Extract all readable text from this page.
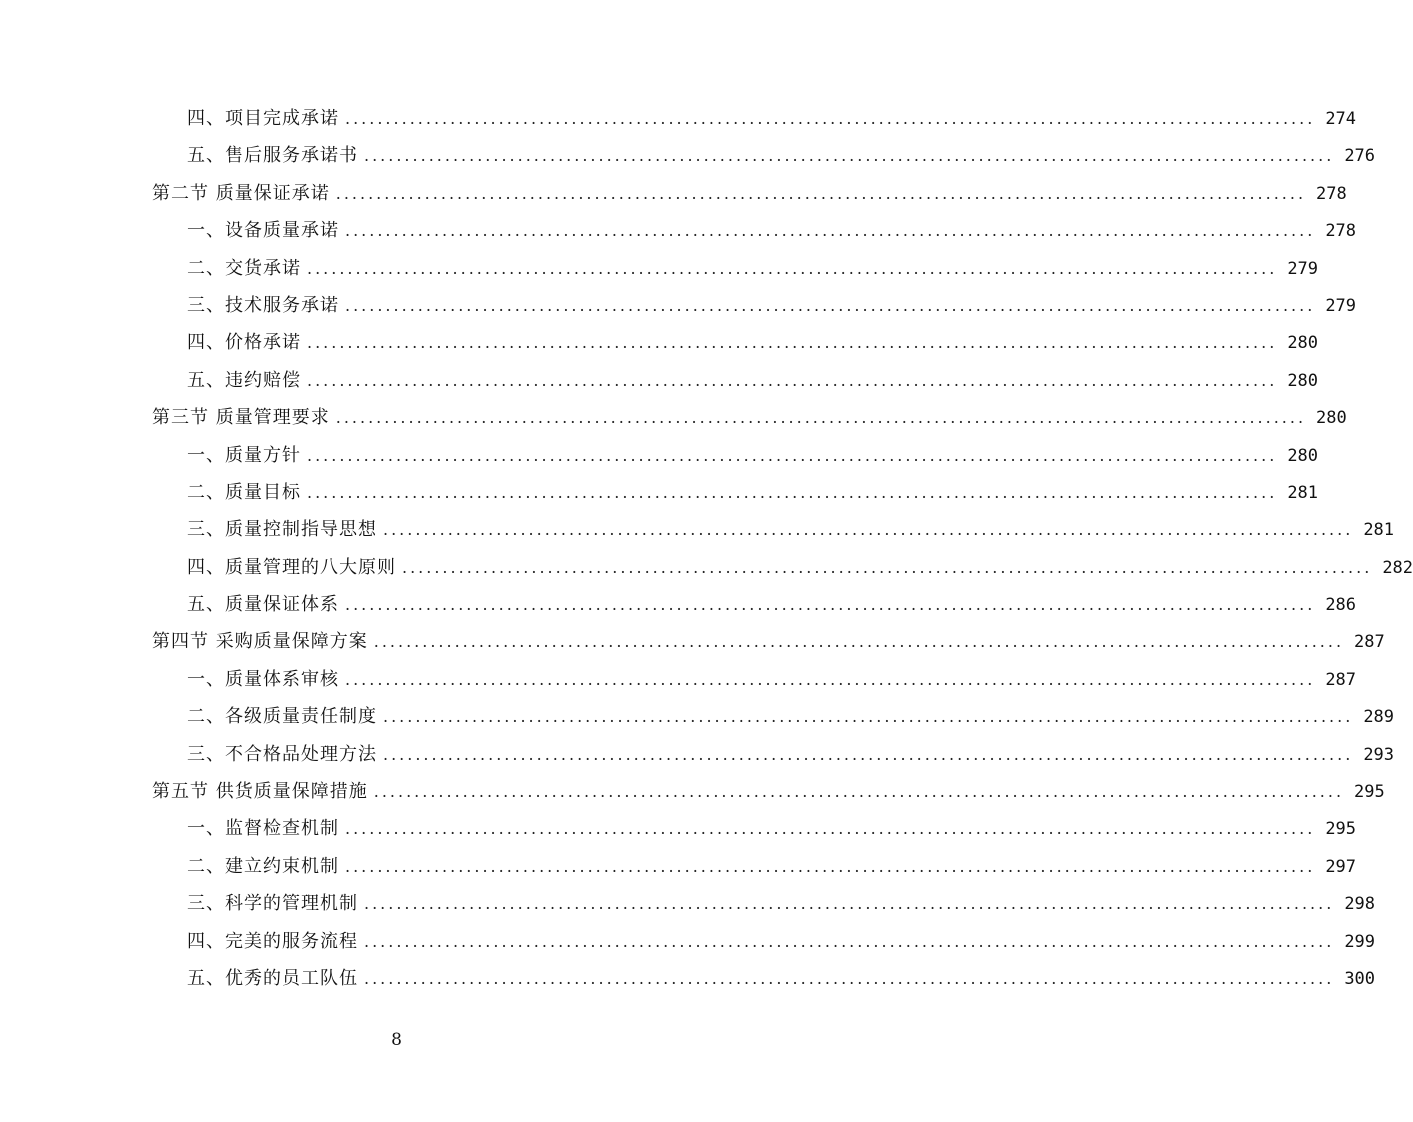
四、项目完成承诺 ........................................................................................................................ 274
五、售后服务承诺书 ........................................................................................................................ 276
第二节 质量保证承诺 ........................................................................................................................ 278
一、设备质量承诺 ........................................................................................................................ 278
二、交货承诺 ........................................................................................................................ 279
三、技术服务承诺 ........................................................................................................................ 279
四、价格承诺 ........................................................................................................................ 280
五、违约赔偿 ........................................................................................................................ 280
第三节 质量管理要求 ........................................................................................................................ 280
一、质量方针 ........................................................................................................................ 280
二、质量目标 ........................................................................................................................ 281
三、质量控制指导思想 ........................................................................................................................ 281
四、质量管理的八大原则 ........................................................................................................................ 282
五、质量保证体系 ........................................................................................................................ 286
第四节 采购质量保障方案 ........................................................................................................................ 287
一、质量体系审核 ........................................................................................................................ 287
二、各级质量责任制度 ........................................................................................................................ 289
三、不合格品处理方法 ........................................................................................................................ 293
第五节 供货质量保障措施 ........................................................................................................................ 295
一、监督检查机制 ........................................................................................................................ 295
二、建立约束机制 ........................................................................................................................ 297
三、科学的管理机制 ........................................................................................................................ 298
四、完美的服务流程 ........................................................................................................................ 299
五、优秀的员工队伍 ........................................................................................................................ 300
8
